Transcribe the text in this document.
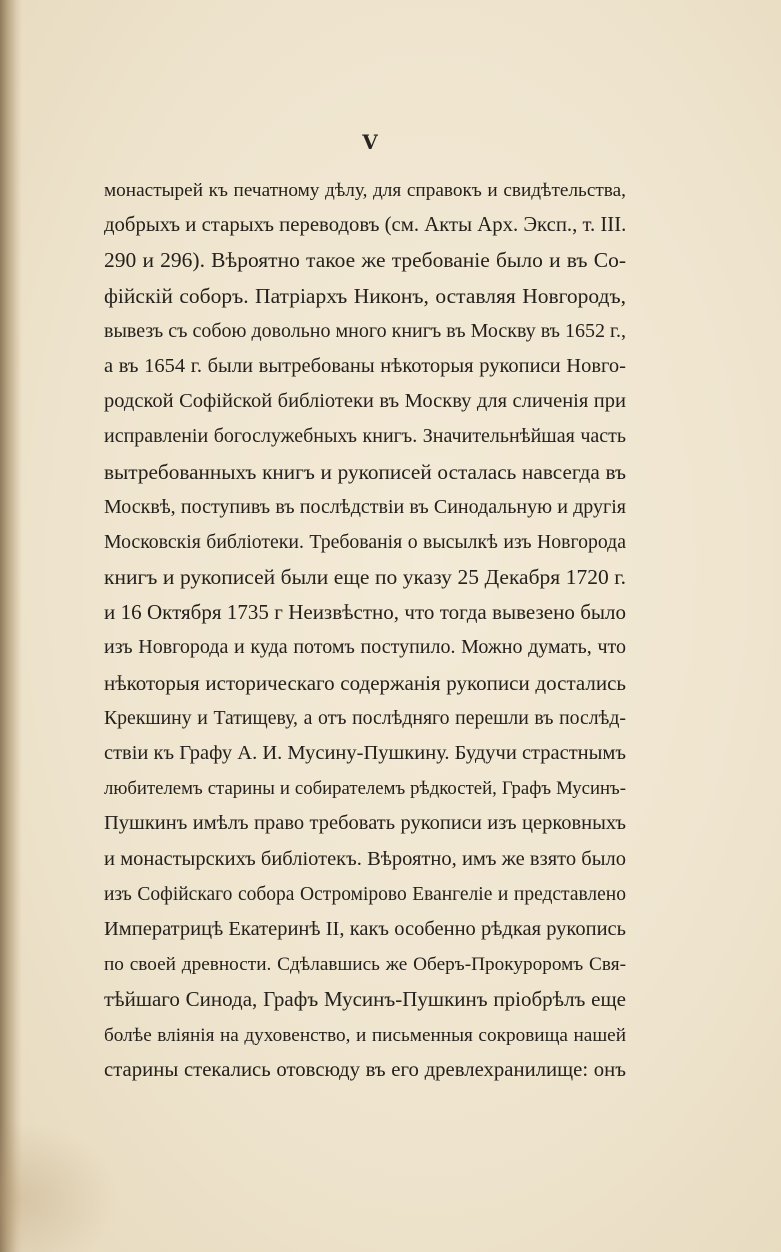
V
монастырей къ печатному дѣлу, для справокъ и свидѣтельства,
добрыхъ и старыхъ переводовъ (см. Акты Арх. Эксп., т. III.
290 и 296). Вѣроятно такое же требованіе было и въ Со-
фійскій соборъ. Патріархъ Никонъ, оставляя Новгородъ,
вывезъ съ собою довольно много книгъ въ Москву въ 1652 г.,
а въ 1654 г. были вытребованы нѣкоторыя рукописи Новго-
родской Софійской библіотеки въ Москву для сличенія при
исправленіи богослужебныхъ книгъ. Значительнѣйшая часть
вытребованныхъ книгъ и рукописей осталась навсегда въ
Москвѣ, поступивъ въ послѣдствіи въ Синодальную и другія
Московскія библіотеки. Требованія о высылкѣ изъ Новгорода
книгъ и рукописей были еще по указу 25 Декабря 1720 г.
и 16 Октября 1735 г Неизвѣстно, что тогда вывезено было
изъ Новгорода и куда потомъ поступило. Можно думать, что
нѣкоторыя историческаго содержанія рукописи достались
Крекшину и Татищеву, а отъ послѣдняго перешли въ послѣд-
ствіи къ Графу А. И. Мусину-Пушкину. Будучи страстнымъ
любителемъ старины и собирателемъ рѣдкостей, Графъ Мусинъ-
Пушкинъ имѣлъ право требовать рукописи изъ церковныхъ
и монастырскихъ библіотекъ. Вѣроятно, имъ же взято было
изъ Софійскаго собора Остромірово Евангеліе и представлено
Императрицѣ Екатеринѣ II, какъ особенно рѣдкая рукопись
по своей древности. Сдѣлавшись же Оберъ-Прокуроромъ Свя-
тѣйшаго Синода, Графъ Мусинъ-Пушкинъ пріобрѣлъ еще
болѣе вліянія на духовенство, и письменныя сокровища нашей
старины стекались отовсюду въ его древлехранилище: онъ
